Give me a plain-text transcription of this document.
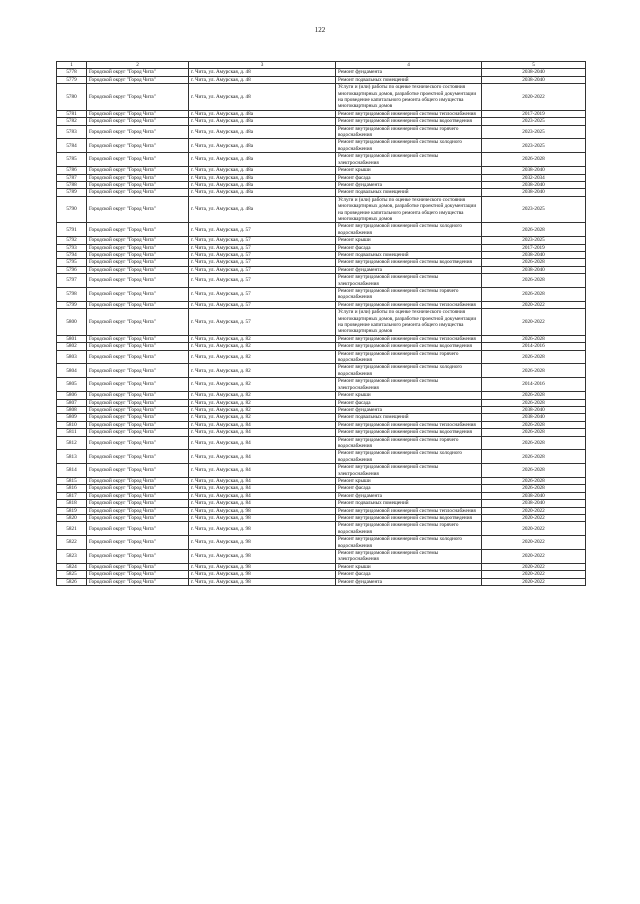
122
1	2	3	4	5
5778	Городской округ "Город Чита"	г. Чита, ул. Амурская, д. 48	Ремонт фундамента	2038-2040
5779	Городской округ "Город Чита"	г. Чита, ул. Амурская, д. 48	Ремонт подвальных помещений	2038-2040
5780	Городской округ "Город Чита"	г. Чита, ул. Амурская, д. 48	Услуги и (или) работы по оценке технического состояния многоквартирных домов, разработке проектной документации на проведение капитального ремонта общего имущества многоквартирных домов	2020-2022
5781	Городской округ "Город Чита"	г. Чита, ул. Амурская, д. 48а	Ремонт внутридомовой инженерной системы теплоснабжения	2017-2019
5782	Городской округ "Город Чита"	г. Чита, ул. Амурская, д. 48а	Ремонт внутридомовой инженерной системы водоотведения	2023-2025
5783	Городской округ "Город Чита"	г. Чита, ул. Амурская, д. 48а	Ремонт внутридомовой инженерной системы горячего водоснабжения	2023-2025
5784	Городской округ "Город Чита"	г. Чита, ул. Амурская, д. 48а	Ремонт внутридомовой инженерной системы холодного водоснабжения	2023-2025
5785	Городской округ "Город Чита"	г. Чита, ул. Амурская, д. 48а	Ремонт внутридомовой инженерной системы электроснабжения	2026-2028
5786	Городской округ "Город Чита"	г. Чита, ул. Амурская, д. 48а	Ремонт крыши	2038-2040
5787	Городской округ "Город Чита"	г. Чита, ул. Амурская, д. 48а	Ремонт фасада	2032-2034
5788	Городской округ "Город Чита"	г. Чита, ул. Амурская, д. 48а	Ремонт фундамента	2038-2040
5789	Городской округ "Город Чита"	г. Чита, ул. Амурская, д. 48а	Ремонт подвальных помещений	2038-2040
5790	Городской округ "Город Чита"	г. Чита, ул. Амурская, д. 48а	Услуги и (или) работы по оценке технического состояния многоквартирных домов, разработке проектной документации на проведение капитального ремонта общего имущества многоквартирных домов	2023-2025
5791	Городской округ "Город Чита"	г. Чита, ул. Амурская, д. 57	Ремонт внутридомовой инженерной системы холодного водоснабжения	2026-2028
5792	Городской округ "Город Чита"	г. Чита, ул. Амурская, д. 57	Ремонт крыши	2023-2025
5793	Городской округ "Город Чита"	г. Чита, ул. Амурская, д. 57	Ремонт фасада	2017-2019
5794	Городской округ "Город Чита"	г. Чита, ул. Амурская, д. 57	Ремонт подвальных помещений	2038-2040
5795	Городской округ "Город Чита"	г. Чита, ул. Амурская, д. 57	Ремонт внутридомовой инженерной системы водоотведения	2026-2028
5796	Городской округ "Город Чита"	г. Чита, ул. Амурская, д. 57	Ремонт фундамента	2038-2040
5797	Городской округ "Город Чита"	г. Чита, ул. Амурская, д. 57	Ремонт внутридомовой инженерной системы электроснабжения	2026-2028
5798	Городской округ "Город Чита"	г. Чита, ул. Амурская, д. 57	Ремонт внутридомовой инженерной системы горячего водоснабжения	2026-2028
5799	Городской округ "Город Чита"	г. Чита, ул. Амурская, д. 57	Ремонт внутридомовой инженерной системы теплоснабжения	2020-2022
5800	Городской округ "Город Чита"	г. Чита, ул. Амурская, д. 57	Услуги и (или) работы по оценке технического состояния многоквартирных домов, разработке проектной документации на проведение капитального ремонта общего имущества многоквартирных домов	2020-2022
5801	Городской округ "Город Чита"	г. Чита, ул. Амурская, д. 82	Ремонт внутридомовой инженерной системы теплоснабжения	2026-2028
5802	Городской округ "Город Чита"	г. Чита, ул. Амурская, д. 82	Ремонт внутридомовой инженерной системы водоотведения	2014-2016
5803	Городской округ "Город Чита"	г. Чита, ул. Амурская, д. 82	Ремонт внутридомовой инженерной системы горячего водоснабжения	2026-2028
5804	Городской округ "Город Чита"	г. Чита, ул. Амурская, д. 82	Ремонт внутридомовой инженерной системы холодного водоснабжения	2026-2028
5805	Городской округ "Город Чита"	г. Чита, ул. Амурская, д. 82	Ремонт внутридомовой инженерной системы электроснабжения	2014-2016
5806	Городской округ "Город Чита"	г. Чита, ул. Амурская, д. 82	Ремонт крыши	2026-2028
5807	Городской округ "Город Чита"	г. Чита, ул. Амурская, д. 82	Ремонт фасада	2026-2028
5808	Городской округ "Город Чита"	г. Чита, ул. Амурская, д. 82	Ремонт фундамента	2038-2040
5809	Городской округ "Город Чита"	г. Чита, ул. Амурская, д. 82	Ремонт подвальных помещений	2038-2040
5810	Городской округ "Город Чита"	г. Чита, ул. Амурская, д. 84	Ремонт внутридомовой инженерной системы теплоснабжения	2026-2028
5811	Городской округ "Город Чита"	г. Чита, ул. Амурская, д. 84	Ремонт внутридомовой инженерной системы водоотведения	2026-2028
5812	Городской округ "Город Чита"	г. Чита, ул. Амурская, д. 84	Ремонт внутридомовой инженерной системы горячего водоснабжения	2026-2028
5813	Городской округ "Город Чита"	г. Чита, ул. Амурская, д. 84	Ремонт внутридомовой инженерной системы холодного водоснабжения	2026-2028
5814	Городской округ "Город Чита"	г. Чита, ул. Амурская, д. 84	Ремонт внутридомовой инженерной системы электроснабжения	2026-2028
5815	Городской округ "Город Чита"	г. Чита, ул. Амурская, д. 84	Ремонт крыши	2026-2028
5816	Городской округ "Город Чита"	г. Чита, ул. Амурская, д. 84	Ремонт фасада	2026-2028
5817	Городской округ "Город Чита"	г. Чита, ул. Амурская, д. 84	Ремонт фундамента	2038-2040
5818	Городской округ "Город Чита"	г. Чита, ул. Амурская, д. 84	Ремонт подвальных помещений	2038-2040
5819	Городской округ "Город Чита"	г. Чита, ул. Амурская, д. 98	Ремонт внутридомовой инженерной системы теплоснабжения	2020-2022
5820	Городской округ "Город Чита"	г. Чита, ул. Амурская, д. 98	Ремонт внутридомовой инженерной системы водоотведения	2020-2022
5821	Городской округ "Город Чита"	г. Чита, ул. Амурская, д. 98	Ремонт внутридомовой инженерной системы горячего водоснабжения	2020-2022
5822	Городской округ "Город Чита"	г. Чита, ул. Амурская, д. 98	Ремонт внутридомовой инженерной системы холодного водоснабжения	2020-2022
5823	Городской округ "Город Чита"	г. Чита, ул. Амурская, д. 98	Ремонт внутридомовой инженерной системы электроснабжения	2020-2022
5824	Городской округ "Город Чита"	г. Чита, ул. Амурская, д. 98	Ремонт крыши	2020-2022
5825	Городской округ "Город Чита"	г. Чита, ул. Амурская, д. 98	Ремонт фасада	2020-2022
5826	Городской округ "Город Чита"	г. Чита, ул. Амурская, д. 98	Ремонт фундамента	2020-2022
